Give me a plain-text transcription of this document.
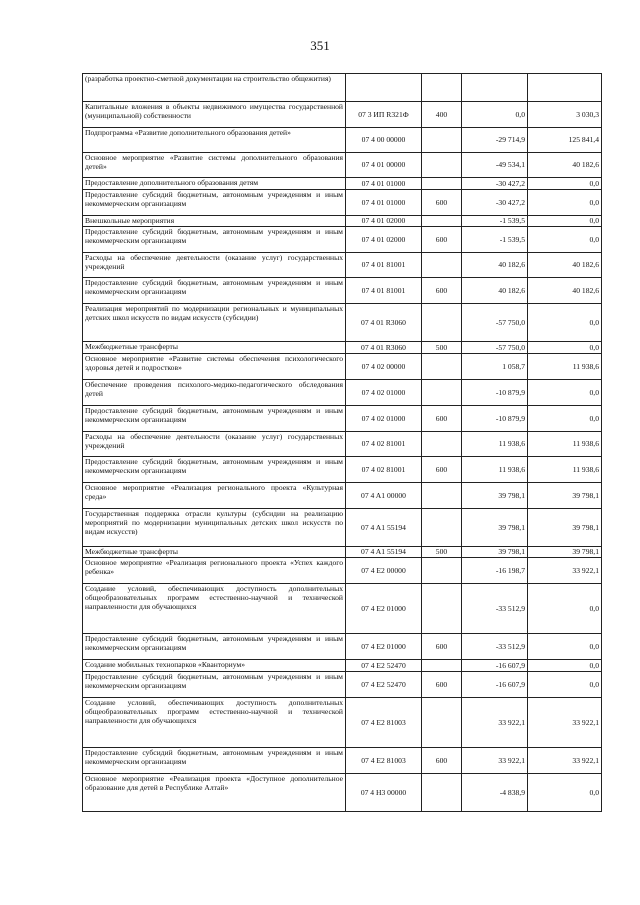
351
(разработка проектно-сметной документации на строительство общежития)				
Капитальные вложения в объекты недвижимого имущества государственной (муниципальной) собственности	07 3 ИП R321Ф	400	0,0	3 030,3
Подпрограмма «Развитие дополнительного образования детей»	07 4 00 00000		-29 714,9	125 841,4
Основное мероприятие «Развитие системы дополнительного образования детей»	07 4 01 00000		-49 534,1	40 182,6
Предоставление дополнительного образования детям	07 4 01 01000		-30 427,2	0,0
Предоставление субсидий бюджетным, автономным учреждениям и иным некоммерческим организациям	07 4 01 01000	600	-30 427,2	0,0
Внешкольные мероприятия	07 4 01 02000		-1 539,5	0,0
Предоставление субсидий бюджетным, автономным учреждениям и иным некоммерческим организациям	07 4 01 02000	600	-1 539,5	0,0
Расходы на обеспечение деятельности (оказание услуг) государственных учреждений	07 4 01 81001		40 182,6	40 182,6
Предоставление субсидий бюджетным, автономным учреждениям и иным некоммерческим организациям	07 4 01 81001	600	40 182,6	40 182,6
Реализация мероприятий по модернизации региональных и муниципальных детских школ искусств по видам искусств (субсидии)	07 4 01 R3060		-57 750,0	0,0
Межбюджетные трансферты	07 4 01 R3060	500	-57 750,0	0,0
Основное мероприятие «Развитие системы обеспечения психологического здоровья детей и подростков»	07 4 02 00000		1 058,7	11 938,6
Обеспечение проведения психолого-медико-педагогического обследования детей	07 4 02 01000		-10 879,9	0,0
Предоставление субсидий бюджетным, автономным учреждениям и иным некоммерческим организациям	07 4 02 01000	600	-10 879,9	0,0
Расходы на обеспечение деятельности (оказание услуг) государственных учреждений	07 4 02 81001		11 938,6	11 938,6
Предоставление субсидий бюджетным, автономным учреждениям и иным некоммерческим организациям	07 4 02 81001	600	11 938,6	11 938,6
Основное мероприятие «Реализация регионального проекта «Культурная среда»	07 4 A1 00000		39 798,1	39 798,1
Государственная поддержка отрасли культуры (субсидии на реализацию мероприятий по модернизации муниципальных детских школ искусств по видам искусств)	07 4 A1 55194		39 798,1	39 798,1
Межбюджетные трансферты	07 4 A1 55194	500	39 798,1	39 798,1
Основное мероприятие «Реализация регионального проекта «Успех каждого ребенка»	07 4 E2 00000		-16 198,7	33 922,1
Создание условий, обеспечивающих доступность дополнительных общеобразовательных программ естественно-научной и технической направленности для обучающихся	07 4 E2 01000		-33 512,9	0,0
Предоставление субсидий бюджетным, автономным учреждениям и иным некоммерческим организациям	07 4 E2 01000	600	-33 512,9	0,0
Создание мобильных технопарков «Кванториум»	07 4 E2 52470		-16 607,9	0,0
Предоставление субсидий бюджетным, автономным учреждениям и иным некоммерческим организациям	07 4 E2 52470	600	-16 607,9	0,0
Создание условий, обеспечивающих доступность дополнительных общеобразовательных программ естественно-научной и технической направленности для обучающихся	07 4 E2 81003		33 922,1	33 922,1
Предоставление субсидий бюджетным, автономным учреждениям и иным некоммерческим организациям	07 4 E2 81003	600	33 922,1	33 922,1
Основное мероприятие «Реализация проекта «Доступное дополнительное образование для детей в Республике Алтай»	07 4 Н3 00000		-4 838,9	0,0
